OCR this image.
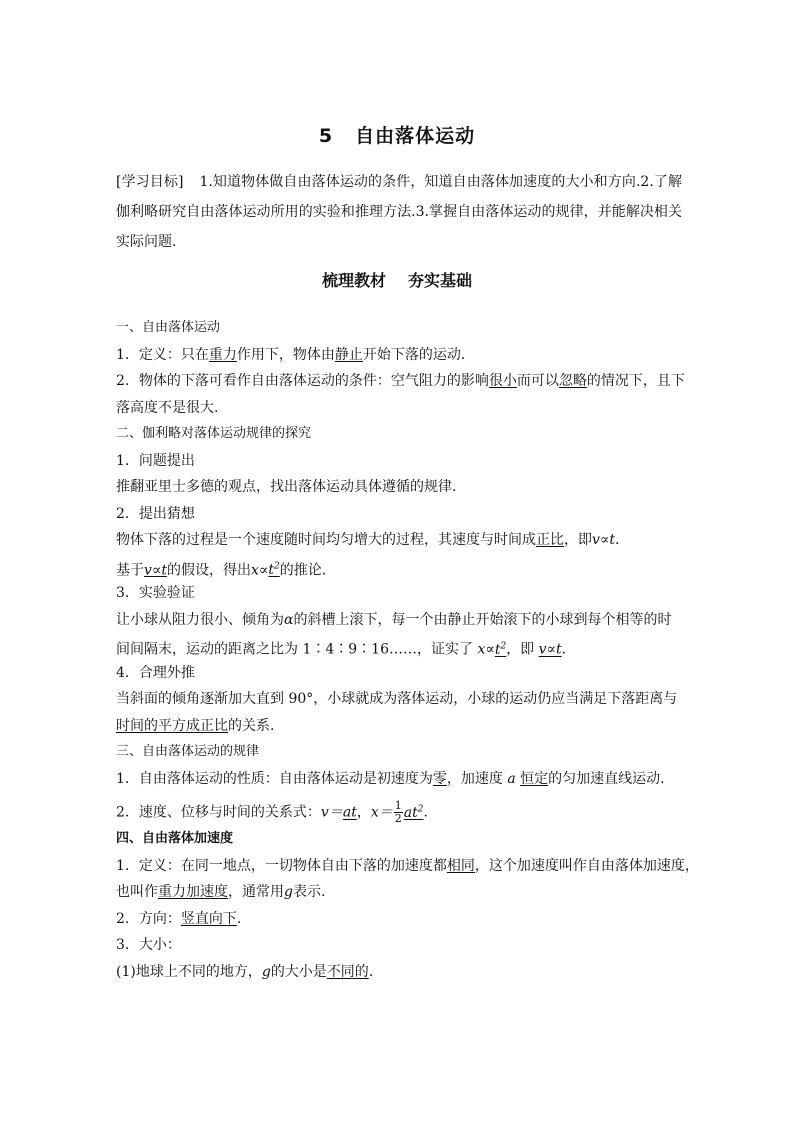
5 自由落体运动
[学习目标] 1.知道物体做自由落体运动的条件，知道自由落体加速度的大小和方向.2.了解伽利略研究自由落体运动所用的实验和推理方法.3.掌握自由落体运动的规律，并能解决相关实际问题.
梳理教材 夯实基础
一、自由落体运动
1．定义：只在重力作用下，物体由静止开始下落的运动.
2．物体的下落可看作自由落体运动的条件：空气阻力的影响很小而可以忽略的情况下，且下
落高度不是很大.
二、伽利略对落体运动规律的探究
1．问题提出
推翻亚里士多德的观点，找出落体运动具体遵循的规律.
2．提出猜想
物体下落的过程是一个速度随时间均匀增大的过程，其速度与时间成正比，即v∝t.
基于v∝t的假设，得出$x\propto t^2$的推论.
3．实验验证
让小球从阻力很小、倾角为α的斜槽上滚下，每一个由静止开始滚下的小球到每个相等的时
间间隔末，运动的距离之比为 1∶4∶9∶16……，证实了 $x\propto t^2$，即 v∝t.
4．合理外推
当斜面的倾角逐渐加大直到 90°，小球就成为落体运动，小球的运动仍应当满足下落距离与
时间的平方成正比的关系.
三、自由落体运动的规律
1．自由落体运动的性质：自由落体运动是初速度为零，加速度 a 恒定的匀加速直线运动.
2．速度、位移与时间的关系式：v＝at，$x= \frac{1}{2} at^2$.
四、自由落体加速度
1．定义：在同一地点，一切物体自由下落的加速度都相同，这个加速度叫作自由落体加速度，
也叫作重力加速度，通常用g表示.
2．方向：竖直向下.
3．大小：
(1)地球上不同的地方，g的大小是不同的.
